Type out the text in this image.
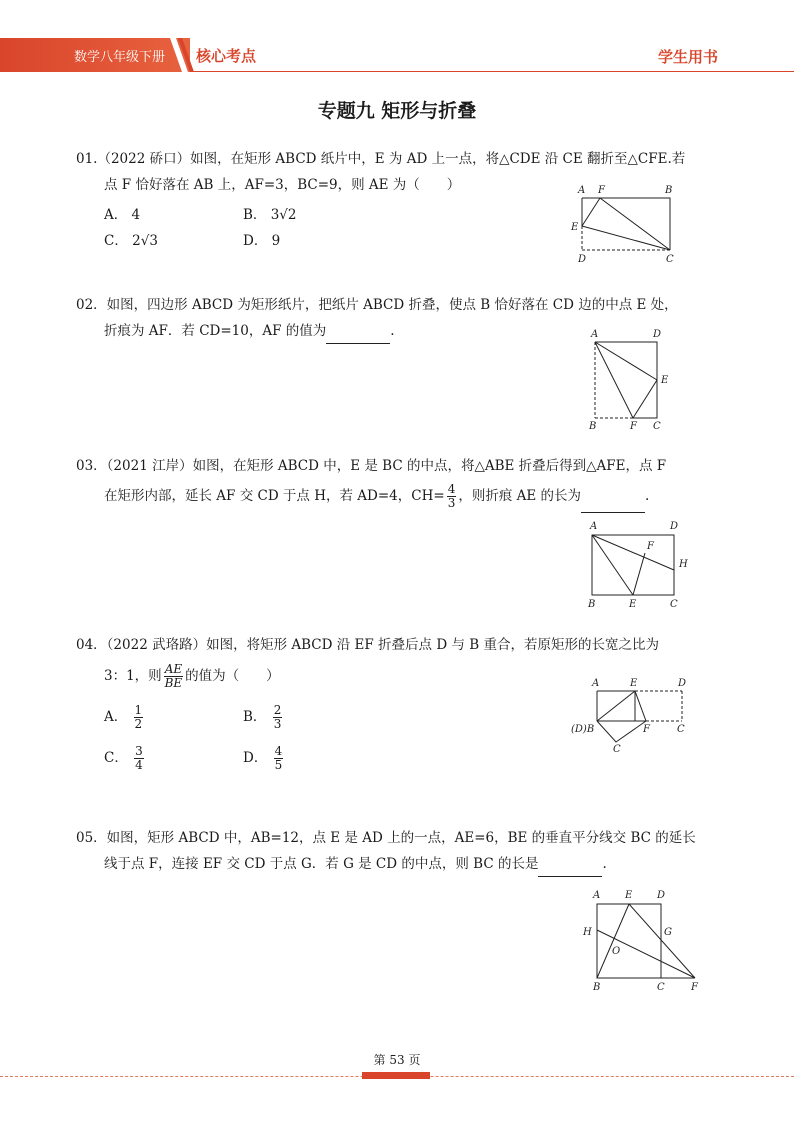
数学八年级下册 核心考点	学生用书
专题九 矩形与折叠
01.（2022 硚口）如图，在矩形 ABCD 纸片中，E 为 AD 上一点，将△CDE 沿 CE 翻折至△CFE.若
点 F 恰好落在 AB 上，AF=3，BC=9，则 AE 为（　　）
A． 4	B． 3√2
C． 2√3	D． 9
A F	B
E
D	C
02．如图，四边形 ABCD 为矩形纸片，把纸片 ABCD 折叠，使点 B 恰好落在 CD 边的中点 E 处，
折痕为 AF．若 CD=10，AF 的值为	.	A	D
E
B	F C
03．（2021 江岸）如图，在矩形 ABCD 中，E 是 BC 的中点，将△ABE 折叠后得到△AFE，点 F
在矩形内部，延长 AF 交 CD 于点 H，若 AD=4，$CH= \frac{4}{3}$ ，则折痕 AE 的长为	.
A	D
F
H
B	E	C
04．（2022 武珞路）如图，将矩形 ABCD 沿 EF 折叠后点 D 与 B 重合，若原矩形的长宽之比为
3：1，则 $\frac{AE}{BE}$ 的值为（　　）
A． $\frac{1}{2}$	B． $\frac{2}{3}$
C． $\frac{3}{4}$	D． $\frac{4}{5}$
A	E	D
(D)B	F	C
C
05．如图，矩形 ABCD 中，AB=12，点 E 是 AD 上的一点，AE=6，BE 的垂直平分线交 BC 的延长
线于点 F，连接 EF 交 CD 于点 G．若 G 是 CD 的中点，则 BC 的长是	.
A E D
H	G
O
B	C	F
第 53 页
